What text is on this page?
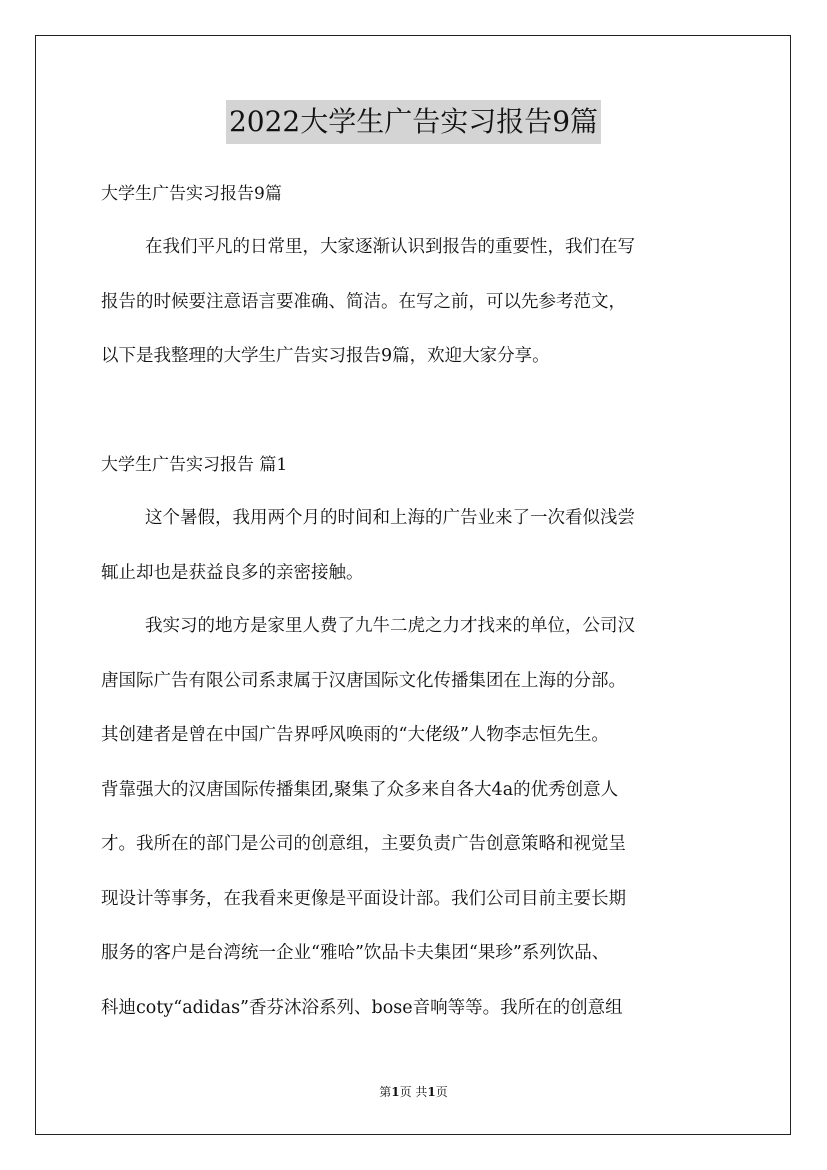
2022大学生广告实习报告9篇

大学生广告实习报告9篇

在我们平凡的日常里，大家逐渐认识到报告的重要性，我们在写
报告的时候要注意语言要准确、简洁。在写之前，可以先参考范文，
以下是我整理的大学生广告实习报告9篇，欢迎大家分享。

大学生广告实习报告 篇1

这个暑假，我用两个月的时间和上海的广告业来了一次看似浅尝
辄止却也是获益良多的亲密接触。

我实习的地方是家里人费了九牛二虎之力才找来的单位，公司汉
唐国际广告有限公司系隶属于汉唐国际文化传播集团在上海的分部。
其创建者是曾在中国广告界呼风唤雨的“大佬级”人物李志恒先生。
背靠强大的汉唐国际传播集团,聚集了众多来自各大4a的优秀创意人
才。我所在的部门是公司的创意组，主要负责广告创意策略和视觉呈
现设计等事务，在我看来更像是平面设计部。我们公司目前主要长期
服务的客户是台湾统一企业“雅哈”饮品卡夫集团“果珍”系列饮品、
科迪coty“adidas”香芬沐浴系列、bose音响等等。我所在的创意组

第1页 共1页
